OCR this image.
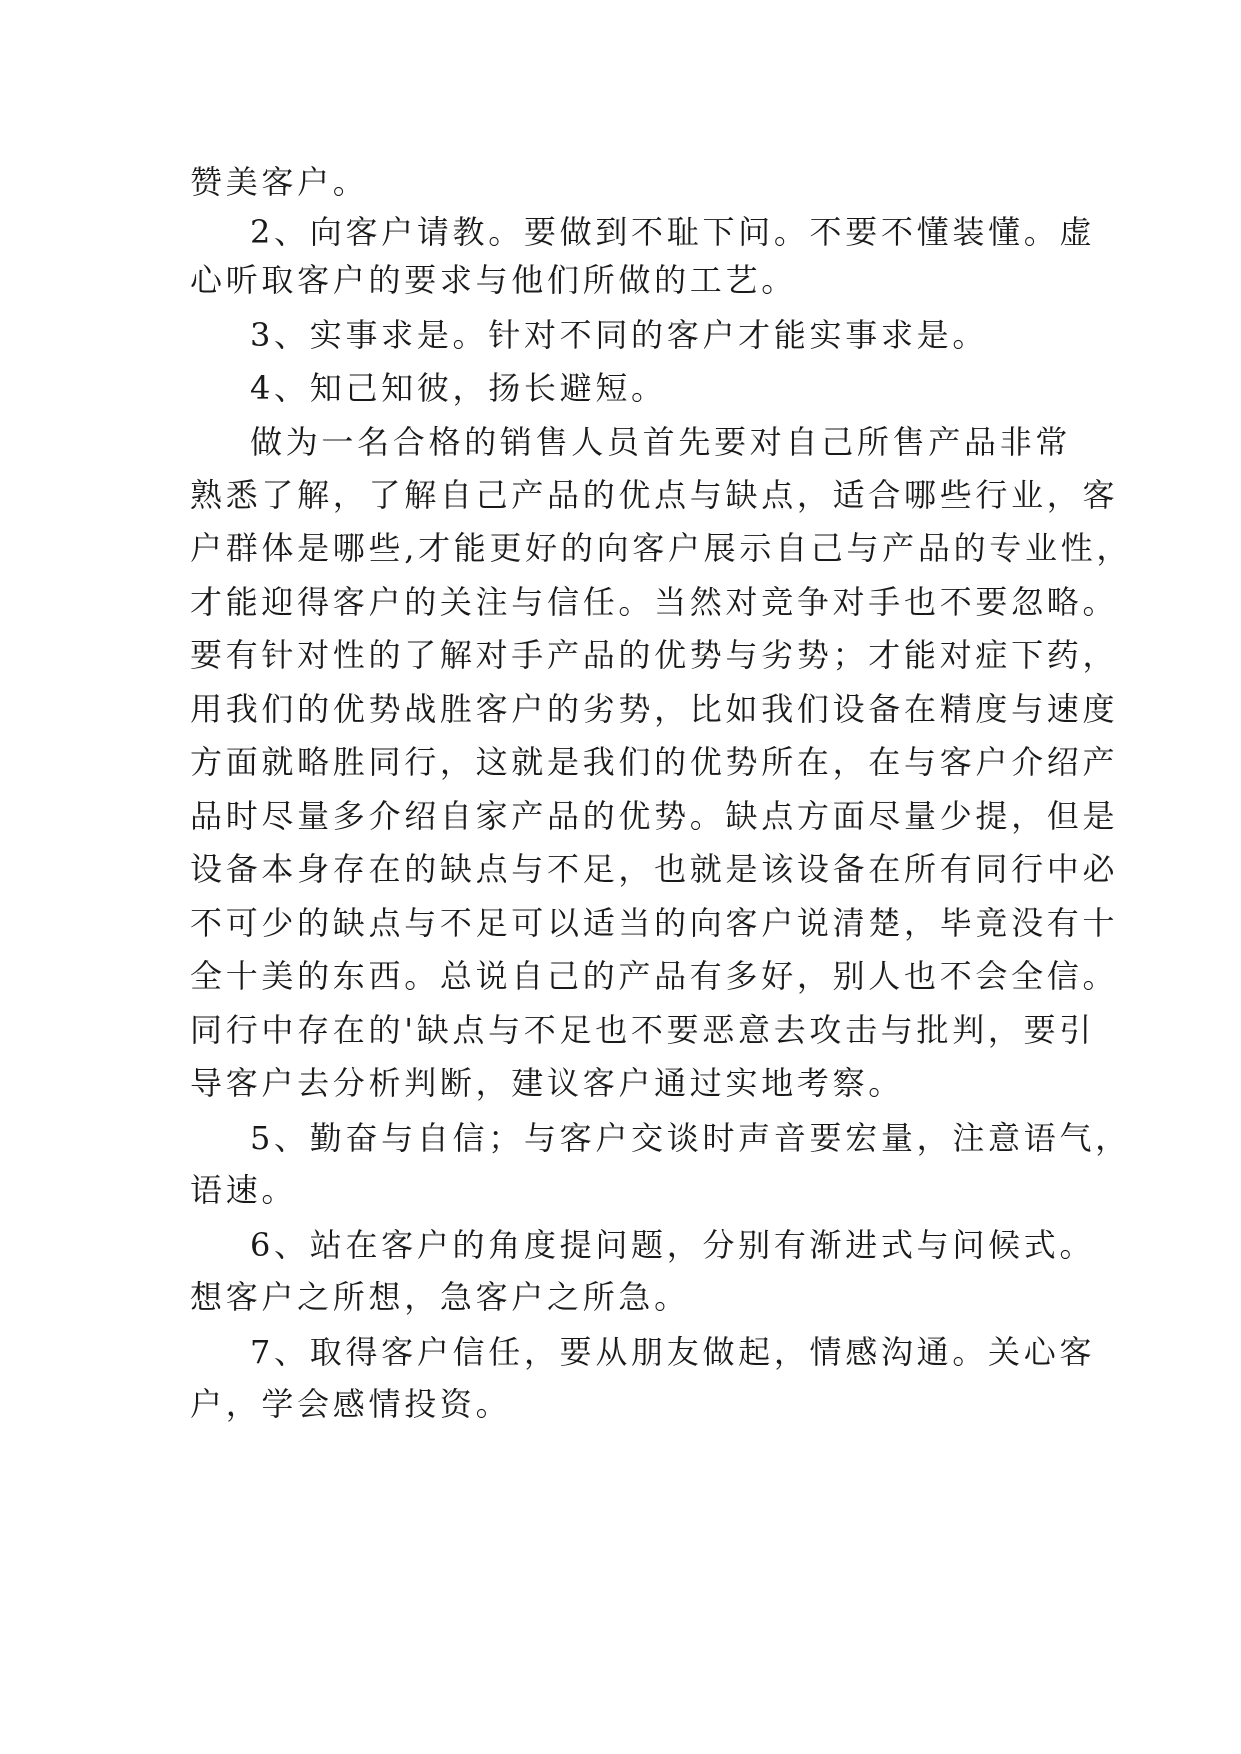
赞美客户。
2、向客户请教。要做到不耻下问。不要不懂装懂。虚
心听取客户的要求与他们所做的工艺。
3、实事求是。针对不同的客户才能实事求是。
4、知己知彼，扬长避短。
做为一名合格的销售人员首先要对自己所售产品非常
熟悉了解，了解自己产品的优点与缺点，适合哪些行业，客
户群体是哪些,才能更好的向客户展示自己与产品的专业性，
才能迎得客户的关注与信任。当然对竞争对手也不要忽略。
要有针对性的了解对手产品的优势与劣势；才能对症下药，
用我们的优势战胜客户的劣势，比如我们设备在精度与速度
方面就略胜同行，这就是我们的优势所在，在与客户介绍产
品时尽量多介绍自家产品的优势。缺点方面尽量少提，但是
设备本身存在的缺点与不足，也就是该设备在所有同行中必
不可少的缺点与不足可以适当的向客户说清楚，毕竟没有十
全十美的东西。总说自己的产品有多好，别人也不会全信。
同行中存在的'缺点与不足也不要恶意去攻击与批判，要引
导客户去分析判断，建议客户通过实地考察。
5、勤奋与自信；与客户交谈时声音要宏量，注意语气，
语速。
6、站在客户的角度提问题，分别有渐进式与问候式。
想客户之所想，急客户之所急。
7、取得客户信任，要从朋友做起，情感沟通。关心客
户，学会感情投资。
